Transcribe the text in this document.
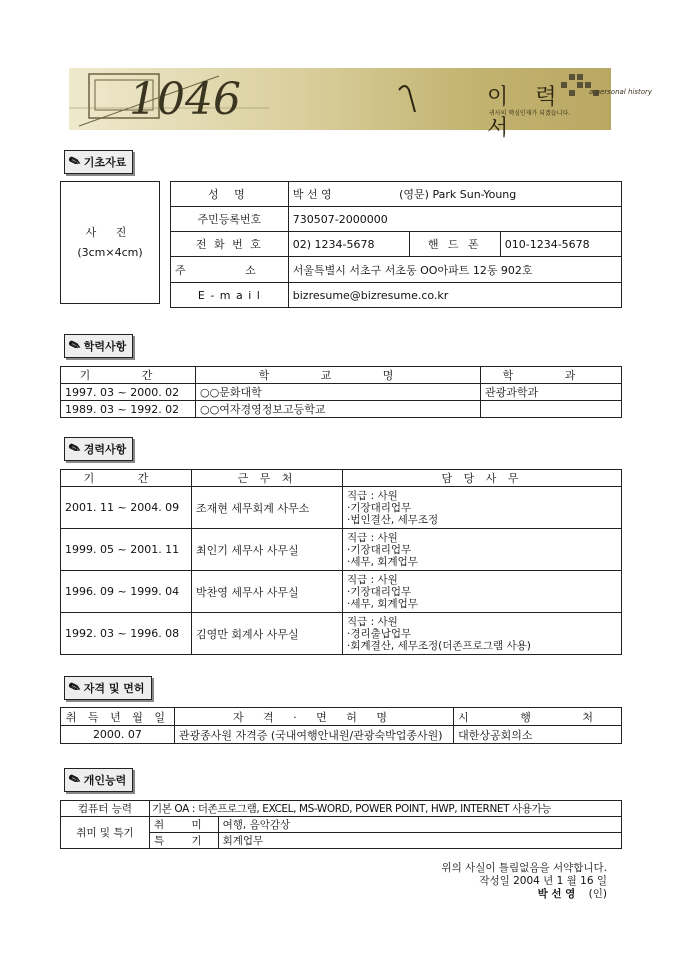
1046	이 력 서
a personal history
귀사의 핵심인재가 되겠습니다.
✎ 기초자료
사 진
(3cm×4cm)
성 명	박 선 영 (영문) Park Sun-Young		
주민등록번호	730507-2000000		
전 화 번 호	02) 1234-5678	핸 드 폰	010-1234-5678
주 소	서울특별시 서초구 서초동 OO아파트 12동 902호		
E - m a i l	bizresume@bizresume.co.kr		
✎ 학력사항
기 간	학 교 명	학 과
1997. 03 ~ 2000. 02	○○문화대학	관광과학과
1989. 03 ~ 1992. 02	○○여자경영정보고등학교	
✎ 경력사항
기 간	근 무 처	담 당 사 무
2001. 11 ~ 2004. 09	조재현 세무회계 사무소	직급 : 사원
·기장대리업무
·법인결산, 세무조정

1999. 05 ~ 2001. 11	최인기 세무사 사무실	직급 : 사원
·기장대리업무
·세무, 회계업무

1996. 09 ~ 1999. 04	박찬영 세무사 사무실	직급 : 사원
·기장대리업무
·세무, 회계업무

1992. 03 ~ 1996. 08	김영만 회계사 사무실	직급 : 사원
·경리출납업무
·회계결산, 세무조정(더존프로그램 사용)
✎ 자격 및 면허
취 득 년 월 일	자 격 · 면 허 명	시 행 처
2000. 07	관광종사원 자격증 (국내여행안내원/관광숙박업종사원)	대한상공회의소
✎ 개인능력
컴퓨터 능력	기본 OA : 더존프로그램, EXCEL, MS-WORD, POWER POINT, HWP, INTERNET 사용가능	
취미 및 특기	취 미	여행, 음악감상
	특 기	회계업무
위의 사실이 틀림없음을 서약합니다.
작성일 2004 년 1 월 16 일
박 선 영 (인)
